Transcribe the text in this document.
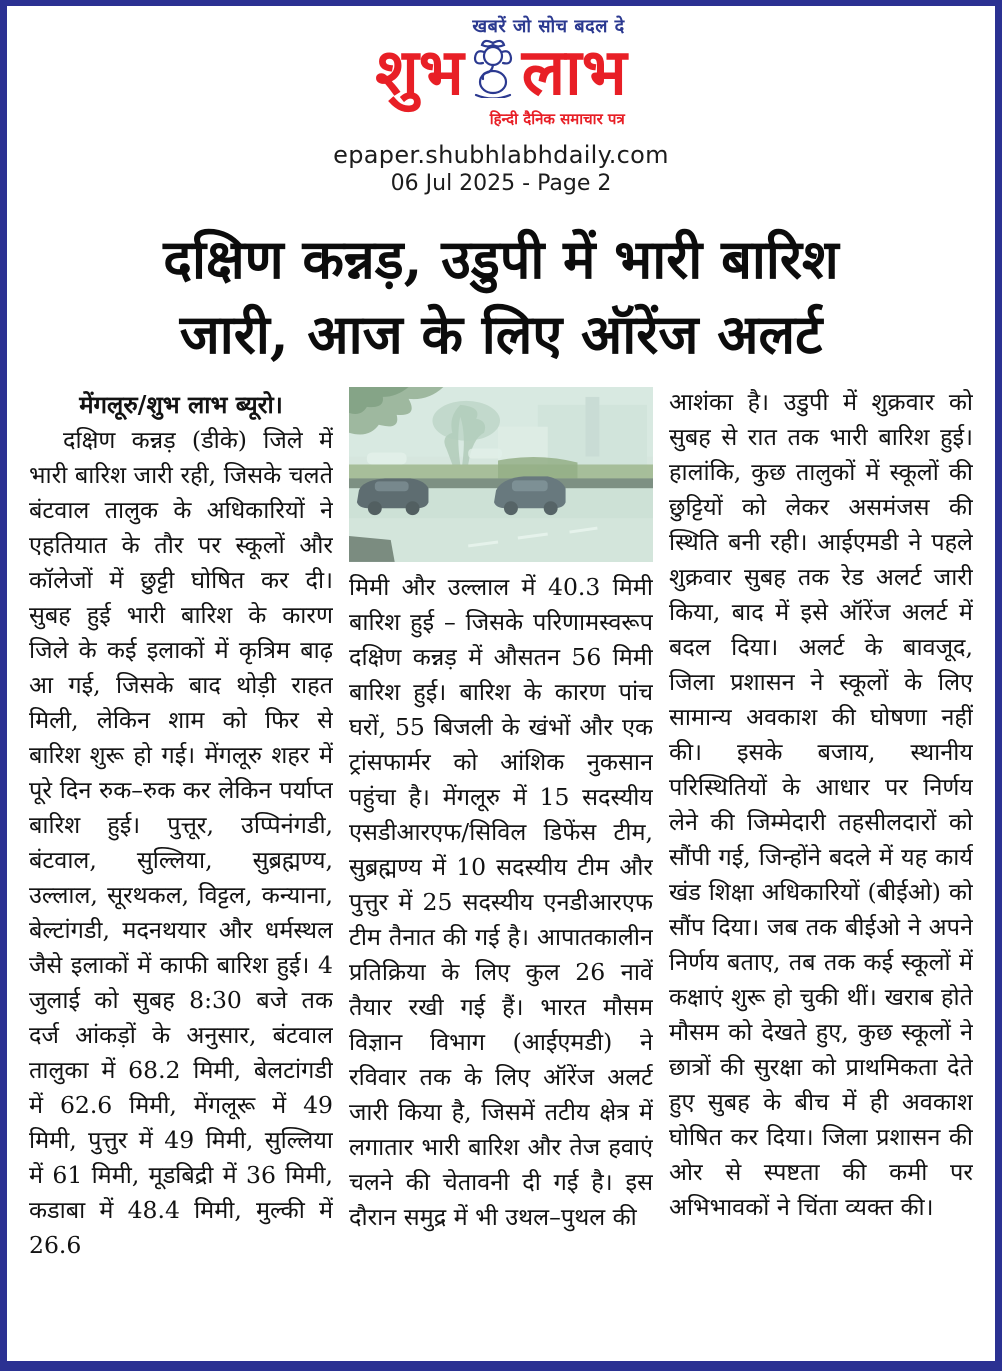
खबरें जो सोच बदल दे
शुभ लाभ
हिन्दी दैनिक समाचार पत्र
epaper.shubhlabhdaily.com
06 Jul 2025 - Page 2
दक्षिण कन्नड़, उडुपी में भारी बारिश
जारी, आज के लिए ऑरेंज अलर्ट
मेंगलूरु/शुभ लाभ ब्यूरो।
दक्षिण कन्नड़ (डीके) जिले में भारी बारिश जारी रही, जिसके चलते बंटवाल तालुक के अधिकारियों ने एहतियात के तौर पर स्कूलों और कॉलेजों में छुट्टी घोषित कर दी। सुबह हुई भारी बारिश के कारण जिले के कई इलाकों में कृत्रिम बाढ़ आ गई, जिसके बाद थोड़ी राहत मिली, लेकिन शाम को फिर से बारिश शुरू हो गई। मेंगलूरु शहर में पूरे दिन रुक–रुक कर लेकिन पर्याप्त बारिश हुई। पुत्तूर, उप्पिनंगडी, बंटवाल, सुल्लिया, सुब्रह्मण्य, उल्लाल, सूरथकल, विट्टल, कन्याना, बेल्टांगडी, मदनथयार और धर्मस्थल जैसे इलाकों में काफी बारिश हुई। 4 जुलाई को सुबह 8:30 बजे तक दर्ज आंकड़ों के अनुसार, बंटवाल तालुका में 68.2 मिमी, बेलटांगडी में 62.6 मिमी, मेंगलूरू में 49 मिमी, पुत्तुर में 49 मिमी, सुल्लिया में 61 मिमी, मूडबिद्री में 36 मिमी, कडाबा में 48.4 मिमी, मुल्की में 26.6
मिमी और उल्लाल में 40.3 मिमी बारिश हुई – जिसके परिणामस्वरूप दक्षिण कन्नड़ में औसतन 56 मिमी बारिश हुई। बारिश के कारण पांच घरों, 55 बिजली के खंभों और एक ट्रांसफार्मर को आंशिक नुकसान पहुंचा है। मेंगलूरु में 15 सदस्यीय एसडीआरएफ/सिविल डिफेंस टीम, सुब्रह्मण्य में 10 सदस्यीय टीम और पुत्तुर में 25 सदस्यीय एनडीआरएफ टीम तैनात की गई है। आपातकालीन प्रतिक्रिया के लिए कुल 26 नावें तैयार रखी गई हैं। भारत मौसम विज्ञान विभाग (आईएमडी) ने रविवार तक के लिए ऑरेंज अलर्ट जारी किया है, जिसमें तटीय क्षेत्र में लगातार भारी बारिश और तेज हवाएं चलने की चेतावनी दी गई है। इस दौरान समुद्र में भी उथल–पुथल की
आशंका है। उडुपी में शुक्रवार को सुबह से रात तक भारी बारिश हुई। हालांकि, कुछ तालुकों में स्कूलों की छुट्टियों को लेकर असमंजस की स्थिति बनी रही। आईएमडी ने पहले शुक्रवार सुबह तक रेड अलर्ट जारी किया, बाद में इसे ऑरेंज अलर्ट में बदल दिया। अलर्ट के बावजूद, जिला प्रशासन ने स्कूलों के लिए सामान्य अवकाश की घोषणा नहीं की। इसके बजाय, स्थानीय परिस्थितियों के आधार पर निर्णय लेने की जिम्मेदारी तहसीलदारों को सौंपी गई, जिन्होंने बदले में यह कार्य खंड शिक्षा अधिकारियों (बीईओ) को सौंप दिया। जब तक बीईओ ने अपने निर्णय बताए, तब तक कई स्कूलों में कक्षाएं शुरू हो चुकी थीं। खराब होते मौसम को देखते हुए, कुछ स्कूलों ने छात्रों की सुरक्षा को प्राथमिकता देते हुए सुबह के बीच में ही अवकाश घोषित कर दिया। जिला प्रशासन की ओर से स्पष्टता की कमी पर अभिभावकों ने चिंता व्यक्त की।
